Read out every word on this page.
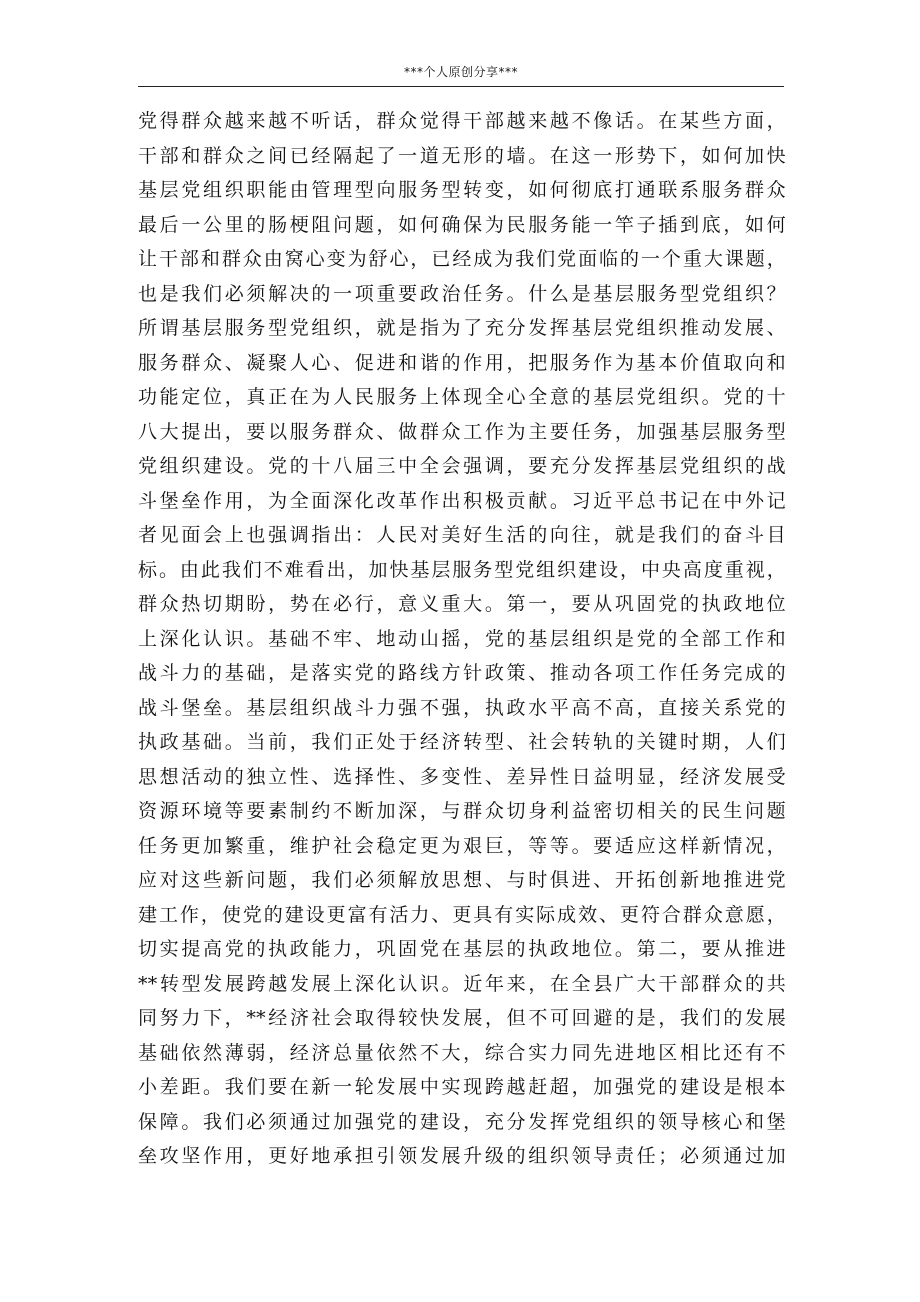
***个人原创分享***
党得群众越来越不听话，群众觉得干部越来越不像话。在某些方面，
干部和群众之间已经隔起了一道无形的墙。在这一形势下，如何加快
基层党组织职能由管理型向服务型转变，如何彻底打通联系服务群众
最后一公里的肠梗阻问题，如何确保为民服务能一竿子插到底，如何
让干部和群众由窝心变为舒心，已经成为我们党面临的一个重大课题，
也是我们必须解决的一项重要政治任务。什么是基层服务型党组织？
所谓基层服务型党组织，就是指为了充分发挥基层党组织推动发展、
服务群众、凝聚人心、促进和谐的作用，把服务作为基本价值取向和
功能定位，真正在为人民服务上体现全心全意的基层党组织。党的十
八大提出，要以服务群众、做群众工作为主要任务，加强基层服务型
党组织建设。党的十八届三中全会强调，要充分发挥基层党组织的战
斗堡垒作用，为全面深化改革作出积极贡献。习近平总书记在中外记
者见面会上也强调指出：人民对美好生活的向往，就是我们的奋斗目
标。由此我们不难看出，加快基层服务型党组织建设，中央高度重视，
群众热切期盼，势在必行，意义重大。第一，要从巩固党的执政地位
上深化认识。基础不牢、地动山摇，党的基层组织是党的全部工作和
战斗力的基础，是落实党的路线方针政策、推动各项工作任务完成的
战斗堡垒。基层组织战斗力强不强，执政水平高不高，直接关系党的
执政基础。当前，我们正处于经济转型、社会转轨的关键时期，人们
思想活动的独立性、选择性、多变性、差异性日益明显，经济发展受
资源环境等要素制约不断加深，与群众切身利益密切相关的民生问题
任务更加繁重，维护社会稳定更为艰巨，等等。要适应这样新情况，
应对这些新问题，我们必须解放思想、与时俱进、开拓创新地推进党
建工作，使党的建设更富有活力、更具有实际成效、更符合群众意愿，
切实提高党的执政能力，巩固党在基层的执政地位。第二，要从推进
**转型发展跨越发展上深化认识。近年来，在全县广大干部群众的共
同努力下，**经济社会取得较快发展，但不可回避的是，我们的发展
基础依然薄弱，经济总量依然不大，综合实力同先进地区相比还有不
小差距。我们要在新一轮发展中实现跨越赶超，加强党的建设是根本
保障。我们必须通过加强党的建设，充分发挥党组织的领导核心和堡
垒攻坚作用，更好地承担引领发展升级的组织领导责任；必须通过加
